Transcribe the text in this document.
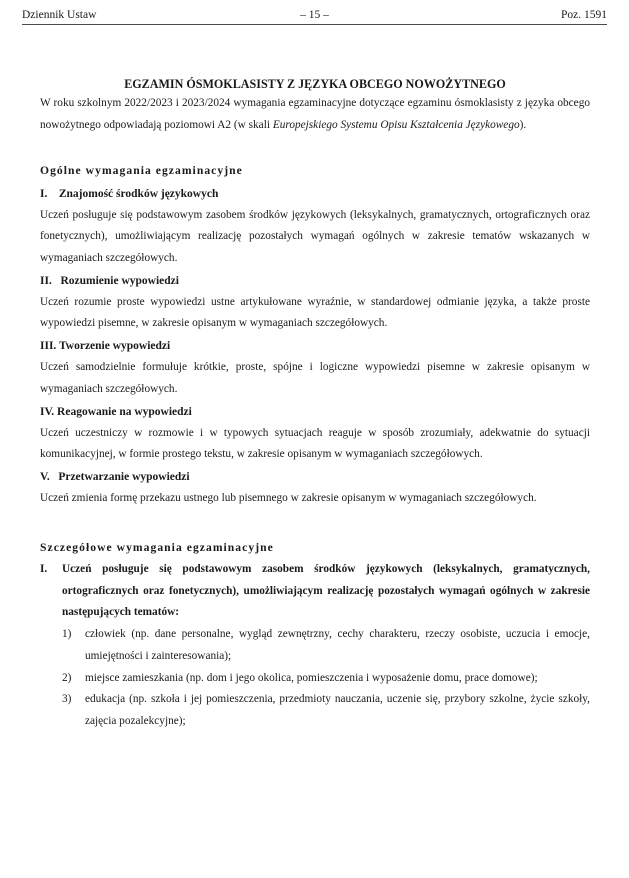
Dziennik Ustaw	– 15 –	Poz. 1591
EGZAMIN ÓSMOKLASISTY Z JĘZYKA OBCEGO NOWOŻYTNEGO

W roku szkolnym 2022/2023 i 2023/2024 wymagania egzaminacyjne dotyczące egzaminu ósmoklasisty z języka obcego nowożytnego odpowiadają poziomowi A2 (w skali Europejskiego Systemu Opisu Kształcenia Językowego).

Ogólne wymagania egzaminacyjne

I.  Znajomość środków językowych

Uczeń posługuje się podstawowym zasobem środków językowych (leksykalnych, gramatycznych, ortograficznych oraz fonetycznych), umożliwiającym realizację pozostałych wymagań ogólnych w zakresie tematów wskazanych w wymaganiach szczegółowych.

II.  Rozumienie wypowiedzi

Uczeń rozumie proste wypowiedzi ustne artykułowane wyraźnie, w standardowej odmianie języka, a także proste wypowiedzi pisemne, w zakresie opisanym w wymaganiach szczegółowych.

III. Tworzenie wypowiedzi

Uczeń samodzielnie formułuje krótkie, proste, spójne i logiczne wypowiedzi pisemne w zakresie opisanym w wymaganiach szczegółowych.

IV. Reagowanie na wypowiedzi

Uczeń uczestniczy w rozmowie i w typowych sytuacjach reaguje w sposób zrozumiały, adekwatnie do sytuacji komunikacyjnej, w formie prostego tekstu, w zakresie opisanym w wymaganiach szczegółowych.

V.  Przetwarzanie wypowiedzi

Uczeń zmienia formę przekazu ustnego lub pisemnego w zakresie opisanym w wymaganiach szczegółowych.

Szczegółowe wymagania egzaminacyjne

I. Uczeń posługuje się podstawowym zasobem środków językowych (leksykalnych, gramatycznych, ortograficznych oraz fonetycznych), umożliwiającym realizację pozostałych wymagań ogólnych w zakresie następujących tematów:

1) człowiek (np. dane personalne, wygląd zewnętrzny, cechy charakteru, rzeczy osobiste, uczucia i emocje, umiejętności i zainteresowania);
2) miejsce zamieszkania (np. dom i jego okolica, pomieszczenia i wyposażenie domu, prace domowe);
3) edukacja (np. szkoła i jej pomieszczenia, przedmioty nauczania, uczenie się, przybory szkolne, życie szkoły, zajęcia pozalekcyjne);
